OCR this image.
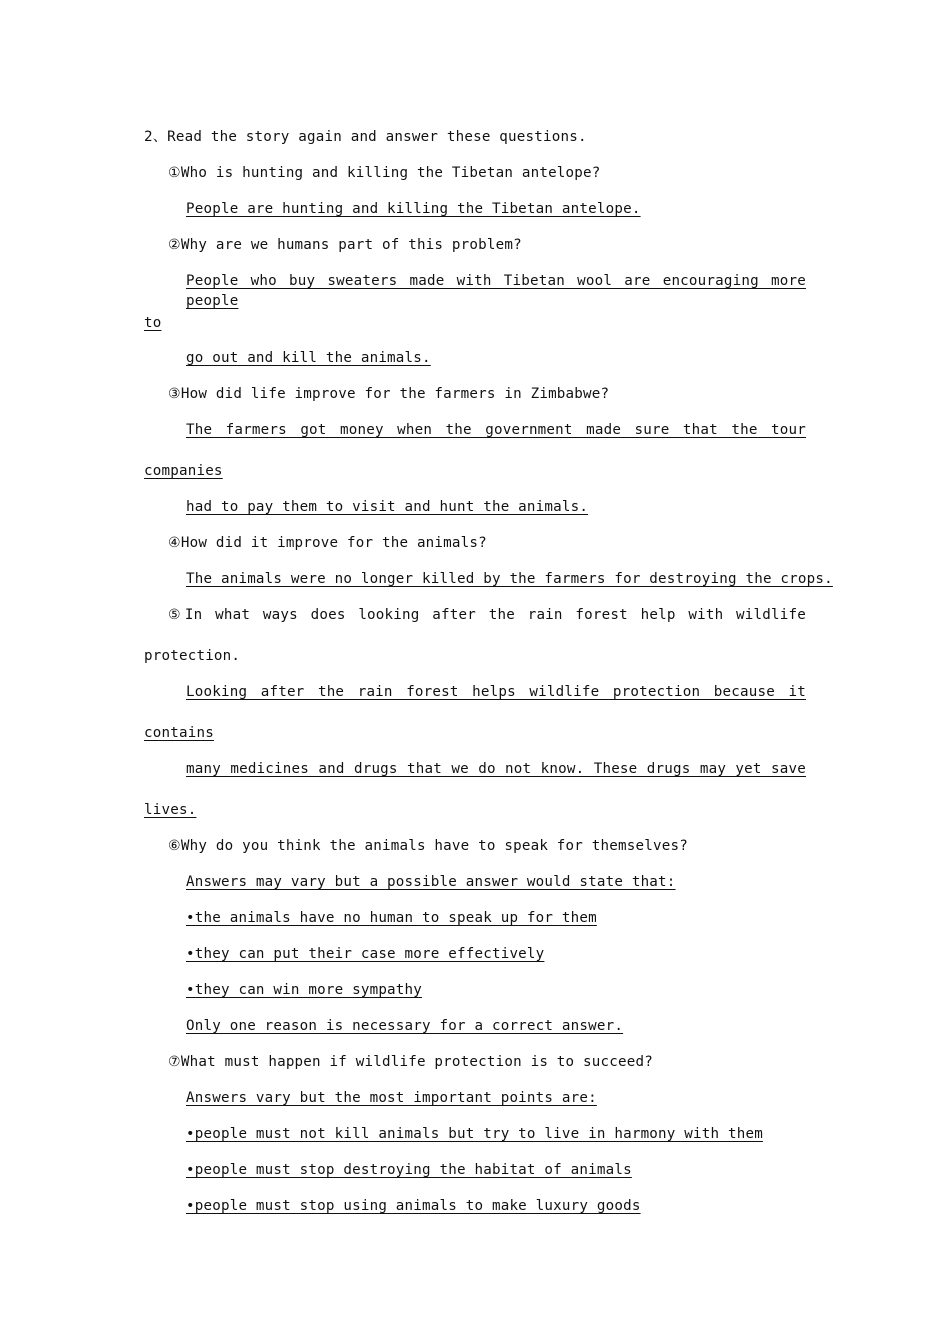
2、Read the story again and answer these questions.
①Who is hunting and killing the Tibetan antelope?
People are hunting and killing the Tibetan antelope.
②Why are we humans part of this problem?
People who buy sweaters made with Tibetan wool are encouraging more people
to
go out and kill the animals.
③How did life improve for the farmers in Zimbabwe?
The farmers got money when the government made sure that the tour
companies
had to pay them to visit and hunt the animals.
④How did it improve for the animals?
The animals were no longer killed by the farmers for destroying the crops.
⑤In what ways does looking after the rain forest help with wildlife
protection.
Looking after the rain forest helps wildlife protection because it
contains
many medicines and drugs that we do not know. These drugs may yet save
lives.
⑥Why do you think the animals have to speak for themselves?
Answers may vary but a possible answer would state that:
•the animals have no human to speak up for them
•they can put their case more effectively
•they can win more sympathy
Only one reason is necessary for a correct answer.
⑦What must happen if wildlife protection is to succeed?
Answers vary but the most important points are:
•people must not kill animals but try to live in harmony with them
•people must stop destroying the habitat of animals
•people must stop using animals to make luxury goods
